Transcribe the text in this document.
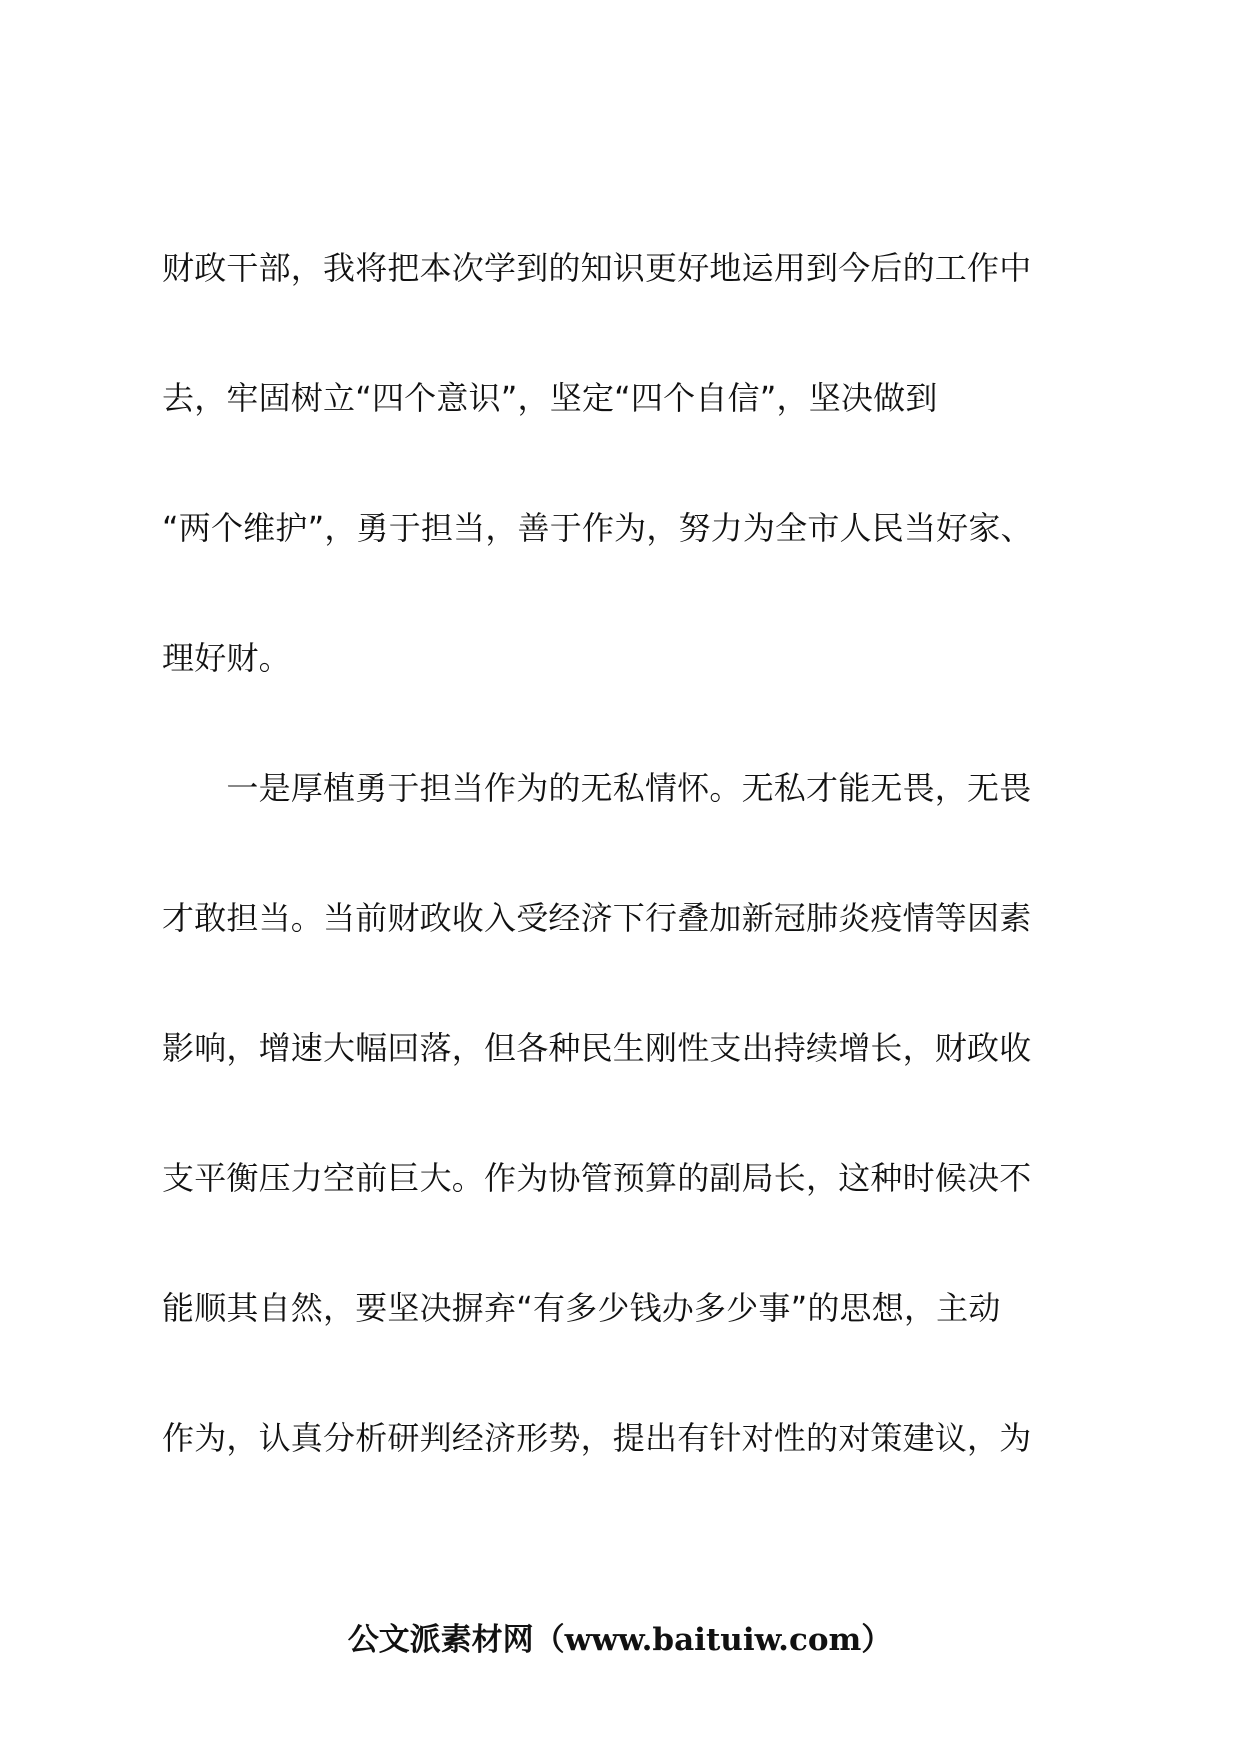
财政干部，我将把本次学到的知识更好地运用到今后的工作中
去，牢固树立“四个意识”，坚定“四个自信”，坚决做到
“两个维护”，勇于担当，善于作为，努力为全市人民当好家、
理好财。
　　一是厚植勇于担当作为的无私情怀。无私才能无畏，无畏
才敢担当。当前财政收入受经济下行叠加新冠肺炎疫情等因素
影响，增速大幅回落，但各种民生刚性支出持续增长，财政收
支平衡压力空前巨大。作为协管预算的副局长，这种时候决不
能顺其自然，要坚决摒弃“有多少钱办多少事”的思想，主动
作为，认真分析研判经济形势，提出有针对性的对策建议，为
公文派素材网（www.baituiw.com）
